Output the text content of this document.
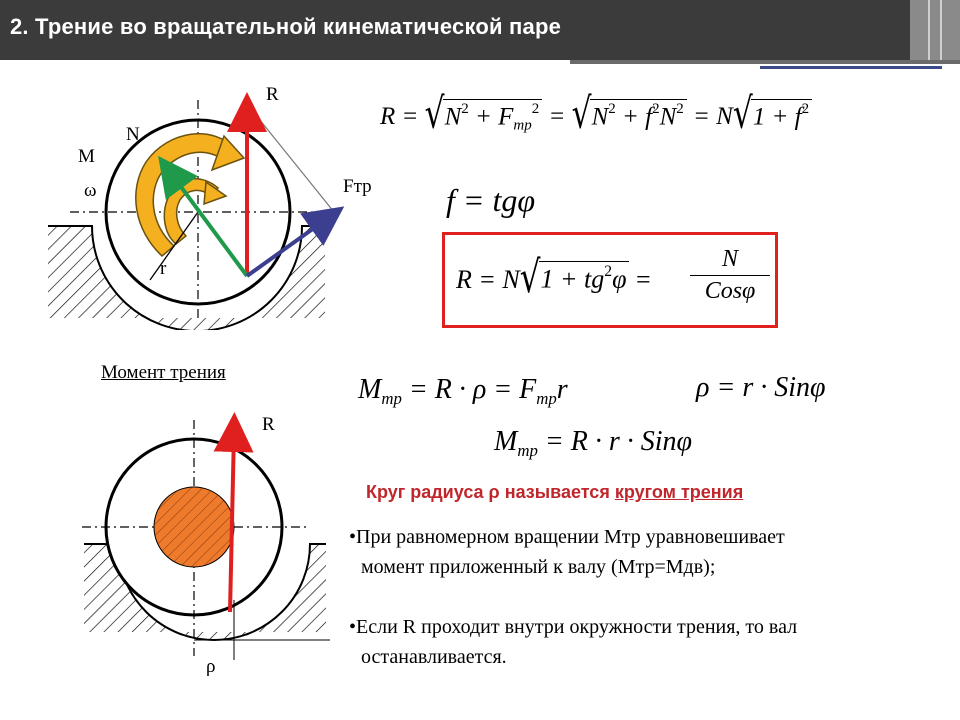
2. Трение во вращательной кинематической паре
R
N
M
ω
r
Fтр
$R = √N^2 + F_{тр}^2 = √N^2 + f^2N^2 = N√1 + f^2$
f = tgφ
$R = N√1 + tg^2\varphi$ =
N
Cosφ
Момент трения
$M_{тр} = R \cdot \rho = F_{тр}r$	ρ = r · Sinφ
$M_{тр} = R \cdot r \cdot Sin\varphi$
R
ρ
Круг радиуса ρ называется кругом трения
•При равномерном вращении Мтр уравновешивает
момент приложенный к валу (Мтр=Мдв);
•Если R проходит внутри окружности трения, то вал
останавливается.
